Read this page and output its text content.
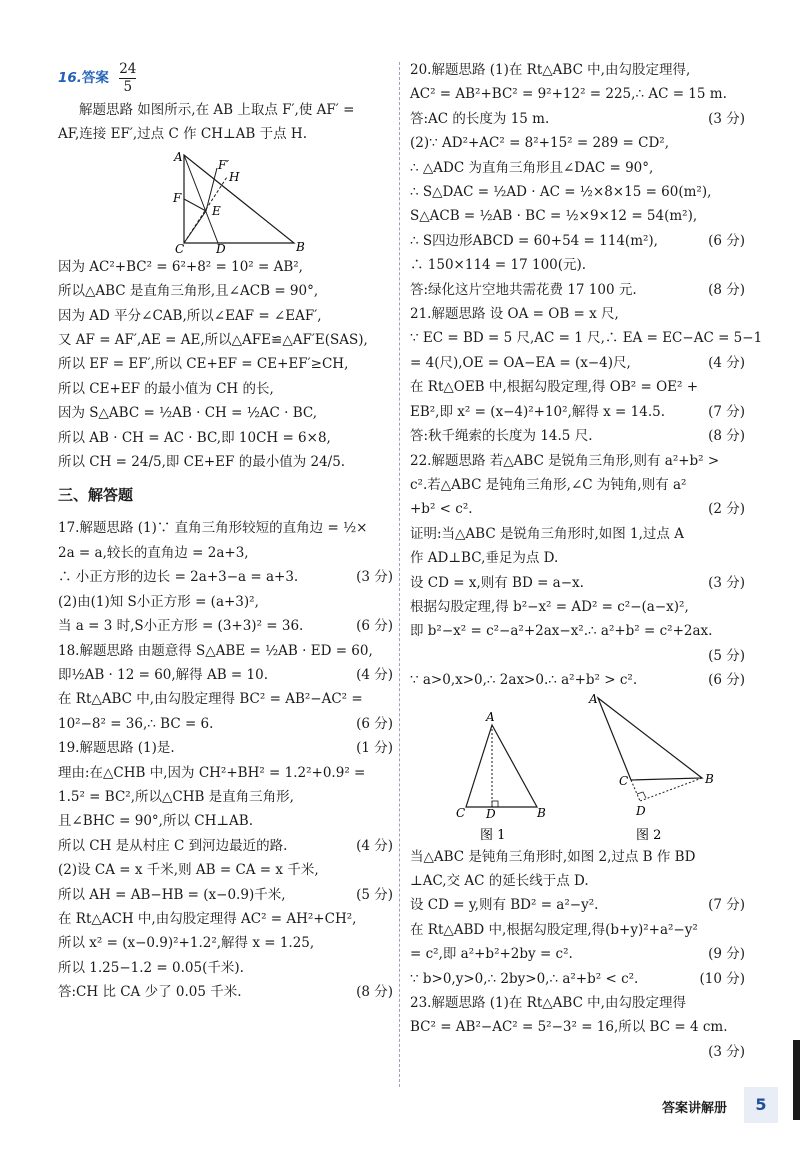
16.答案 $\frac{24}{5}$
解题思路 如图所示,在 AB 上取点 F′,使 AF′ =
AF,连接 EF′,过点 C 作 CH⊥AB 于点 H.
A
F′
H
F
E
C	D	B
因为 AC²+BC² = 6²+8² = 10² = AB²,
所以△ABC 是直角三角形,且∠ACB = 90°,
因为 AD 平分∠CAB,所以∠EAF = ∠EAF′,
又 AF = AF′,AE = AE,所以△AFE≌△AF′E(SAS),
所以 EF = EF′,所以 CE+EF = CE+EF′≥CH,
所以 CE+EF 的最小值为 CH 的长,
因为 S△ABC = ½AB · CH = ½AC · BC,
所以 AB · CH = AC · BC,即 10CH = 6×8,
所以 CH = 24/5,即 CE+EF 的最小值为 24/5.
三、解答题
17.解题思路 (1)∵ 直角三角形较短的直角边 = ½×
2a = a,较长的直角边 = 2a+3,
∴ 小正方形的边长 = 2a+3−a = a+3.	(3 分)
(2)由(1)知 S小正方形 = (a+3)²,
当 a = 3 时,S小正方形 = (3+3)² = 36.	(6 分)
18.解题思路 由题意得 S△ABE = ½AB · ED = 60,
即½AB · 12 = 60,解得 AB = 10.	(4 分)
在 Rt△ABC 中,由勾股定理得 BC² = AB²−AC² =
10²−8² = 36,∴ BC = 6.	(6 分)
19.解题思路 (1)是.	(1 分)
理由:在△CHB 中,因为 CH²+BH² = 1.2²+0.9² =
1.5² = BC²,所以△CHB 是直角三角形,
且∠BHC = 90°,所以 CH⊥AB.
所以 CH 是从村庄 C 到河边最近的路.	(4 分)
(2)设 CA = x 千米,则 AB = CA = x 千米,
所以 AH = AB−HB = (x−0.9)千米,	(5 分)
在 Rt△ACH 中,由勾股定理得 AC² = AH²+CH²,
所以 x² = (x−0.9)²+1.2²,解得 x = 1.25,
所以 1.25−1.2 = 0.05(千米).
答:CH 比 CA 少了 0.05 千米.	(8 分)
20.解题思路 (1)在 Rt△ABC 中,由勾股定理得,
AC² = AB²+BC² = 9²+12² = 225,∴ AC = 15 m.
答:AC 的长度为 15 m.	(3 分)
(2)∵ AD²+AC² = 8²+15² = 289 = CD²,
∴ △ADC 为直角三角形且∠DAC = 90°,
∴ S△DAC = ½AD · AC = ½×8×15 = 60(m²),
S△ACB = ½AB · BC = ½×9×12 = 54(m²),
∴ S四边形ABCD = 60+54 = 114(m²),	(6 分)
∴ 150×114 = 17 100(元).
答:绿化这片空地共需花费 17 100 元.	(8 分)
21.解题思路 设 OA = OB = x 尺,
∵ EC = BD = 5 尺,AC = 1 尺,∴ EA = EC−AC = 5−1
= 4(尺),OE = OA−EA = (x−4)尺,	(4 分)
在 Rt△OEB 中,根据勾股定理,得 OB² = OE² +
EB²,即 x² = (x−4)²+10²,解得 x = 14.5.	(7 分)
答:秋千绳索的长度为 14.5 尺.	(8 分)
22.解题思路 若△ABC 是锐角三角形,则有 a²+b² >
c².若△ABC 是钝角三角形,∠C 为钝角,则有 a²
+b² < c².	(2 分)
证明:当△ABC 是锐角三角形时,如图 1,过点 A
作 AD⊥BC,垂足为点 D.
设 CD = x,则有 BD = a−x.	(3 分)
根据勾股定理,得 b²−x² = AD² = c²−(a−x)²,
即 b²−x² = c²−a²+2ax−x².∴ a²+b² = c²+2ax.
(5 分)
∵ a>0,x>0,∴ 2ax>0.∴ a²+b² > c².	(6 分)
A
C D	B
图 1
A
C
D
B
图 2
当△ABC 是钝角三角形时,如图 2,过点 B 作 BD
⊥AC,交 AC 的延长线于点 D.
设 CD = y,则有 BD² = a²−y².	(7 分)
在 Rt△ABD 中,根据勾股定理,得(b+y)²+a²−y²
= c²,即 a²+b²+2by = c².	(9 分)
∵ b>0,y>0,∴ 2by>0,∴ a²+b² < c².	(10 分)
23.解题思路 (1)在 Rt△ABC 中,由勾股定理得
BC² = AB²−AC² = 5²−3² = 16,所以 BC = 4 cm.
(3 分)
答案讲解册	5
